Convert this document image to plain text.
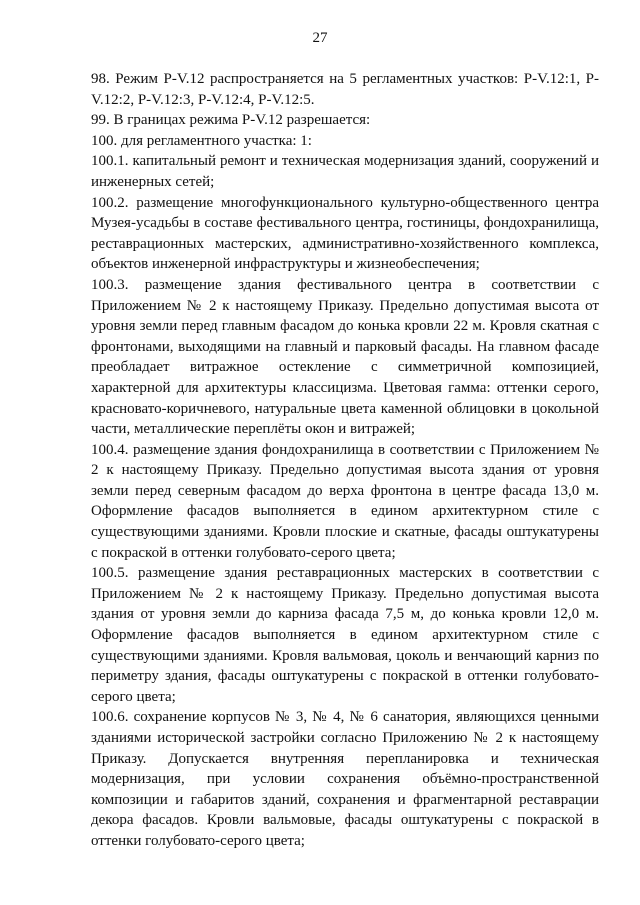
27

98. Режим Р-V.12 распространяется на 5 регламентных участков: Р-V.12:1, Р-V.12:2, Р-V.12:3, Р-V.12:4, Р-V.12:5.

99. В границах режима Р-V.12 разрешается:

100. для регламентного участка: 1:

100.1. капитальный ремонт и техническая модернизация зданий, сооружений и инженерных сетей;

100.2. размещение многофункционального культурно-общественного центра Музея-усадьбы в составе фестивального центра, гостиницы, фондохранилища, реставрационных мастерских, административно-хозяйственного комплекса, объектов инженерной инфраструктуры и жизнеобеспечения;

100.3. размещение здания фестивального центра в соответствии с Приложением № 2 к настоящему Приказу. Предельно допустимая высота от уровня земли перед главным фасадом до конька кровли 22 м. Кровля скатная с фронтонами, выходящими на главный и парковый фасады. На главном фасаде преобладает витражное остекление с симметричной композицией, характерной для архитектуры классицизма. Цветовая гамма: оттенки серого, красновато-коричневого, натуральные цвета каменной облицовки в цокольной части, металлические переплёты окон и витражей;

100.4. размещение здания фондохранилища в соответствии с Приложением № 2 к настоящему Приказу. Предельно допустимая высота здания от уровня земли перед северным фасадом до верха фронтона в центре фасада 13,0 м. Оформление фасадов выполняется в едином архитектурном стиле с существующими зданиями. Кровли плоские и скатные, фасады оштукатурены с покраской в оттенки голубовато-серого цвета;

100.5. размещение здания реставрационных мастерских в соответствии с Приложением № 2 к настоящему Приказу. Предельно допустимая высота здания от уровня земли до карниза фасада 7,5 м, до конька кровли 12,0 м. Оформление фасадов выполняется в едином архитектурном стиле с существующими зданиями. Кровля вальмовая, цоколь и венчающий карниз по периметру здания, фасады оштукатурены с покраской в оттенки голубовато-серого цвета;

100.6. сохранение корпусов № 3, № 4, № 6 санатория, являющихся ценными зданиями исторической застройки согласно Приложению № 2 к настоящему Приказу. Допускается внутренняя перепланировка и техническая модернизация, при условии сохранения объёмно-пространственной композиции и габаритов зданий, сохранения и фрагментарной реставрации декора фасадов. Кровли вальмовые, фасады оштукатурены с покраской в оттенки голубовато-серого цвета;
